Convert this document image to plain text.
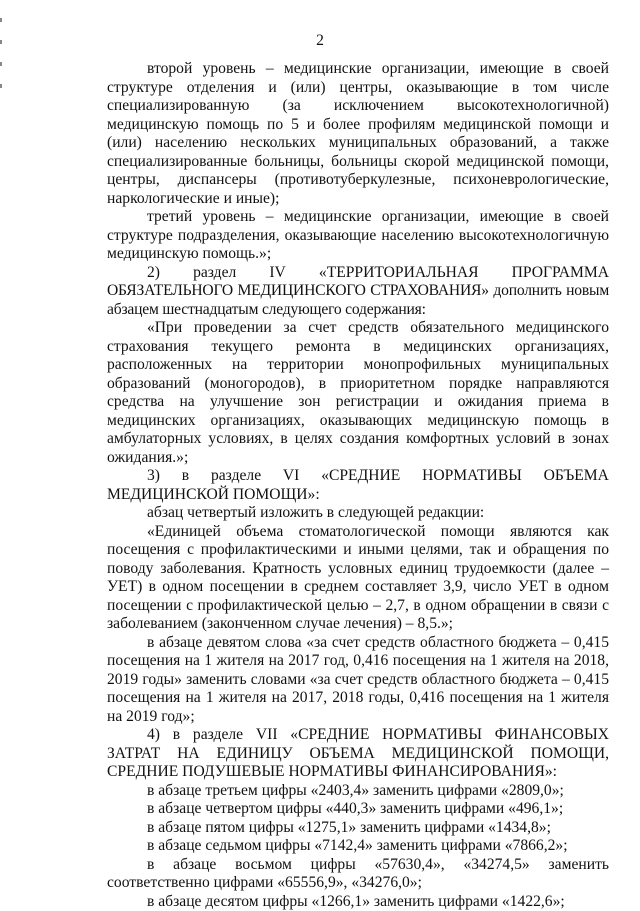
2

второй уровень – медицинские организации, имеющие в своей структуре отделения и (или) центры, оказывающие в том числе специализированную (за исключением высокотехнологичной) медицинскую помощь по 5 и более профилям медицинской помощи и (или) населению нескольких муниципальных образований, а также специализированные больницы, больницы скорой медицинской помощи, центры, диспансеры (противотуберкулезные, психоневрологические, наркологические и иные);

третий уровень – медицинские организации, имеющие в своей структуре подразделения, оказывающие населению высокотехнологичную медицинскую помощь.»;

2) раздел IV «ТЕРРИТОРИАЛЬНАЯ ПРОГРАММА

ОБЯЗАТЕЛЬНОГО МЕДИЦИНСКОГО СТРАХОВАНИЯ» дополнить новым абзацем шестнадцатым следующего содержания:

«При проведении за счет средств обязательного медицинского страхования текущего ремонта в медицинских организациях, расположенных на территории монопрофильных муниципальных образований (моногородов), в приоритетном порядке направляются средства на улучшение зон регистрации и ожидания приема в медицинских организациях, оказывающих медицинскую помощь в амбулаторных условиях, в целях создания комфортных условий в зонах ожидания.»;

3) в разделе VI «СРЕДНИЕ НОРМАТИВЫ ОБЪЕМА

МЕДИЦИНСКОЙ ПОМОЩИ»:

абзац четвертый изложить в следующей редакции:

«Единицей объема стоматологической помощи являются как посещения с профилактическими и иными целями, так и обращения по поводу заболевания. Кратность условных единиц трудоемкости (далее – УЕТ) в одном посещении в среднем составляет 3,9, число УЕТ в одном посещении с профилактической целью – 2,7, в одном обращении в связи с заболеванием (законченном случае лечения) – 8,5.»;

в абзаце девятом слова «за счет средств областного бюджета – 0,415 посещения на 1 жителя на 2017 год, 0,416 посещения на 1 жителя на 2018, 2019 годы» заменить словами «за счет средств областного бюджета – 0,415 посещения на 1 жителя на 2017, 2018 годы, 0,416 посещения на 1 жителя на 2019 год»;

4) в разделе VII «СРЕДНИЕ НОРМАТИВЫ ФИНАНСОВЫХ ЗАТРАТ НА ЕДИНИЦУ ОБЪЕМА МЕДИЦИНСКОЙ ПОМОЩИ, СРЕДНИЕ ПОДУШЕВЫЕ НОРМАТИВЫ ФИНАНСИРОВАНИЯ»:

в абзаце третьем цифры «2403,4» заменить цифрами «2809,0»;

в абзаце четвертом цифры «440,3» заменить цифрами «496,1»;

в абзаце пятом цифры «1275,1» заменить цифрами «1434,8»;

в абзаце седьмом цифры «7142,4» заменить цифрами «7866,2»;

в абзаце восьмом цифры «57630,4», «34274,5» заменить соответственно цифрами «65556,9», «34276,0»;

в абзаце десятом цифры «1266,1» заменить цифрами «1422,6»;
